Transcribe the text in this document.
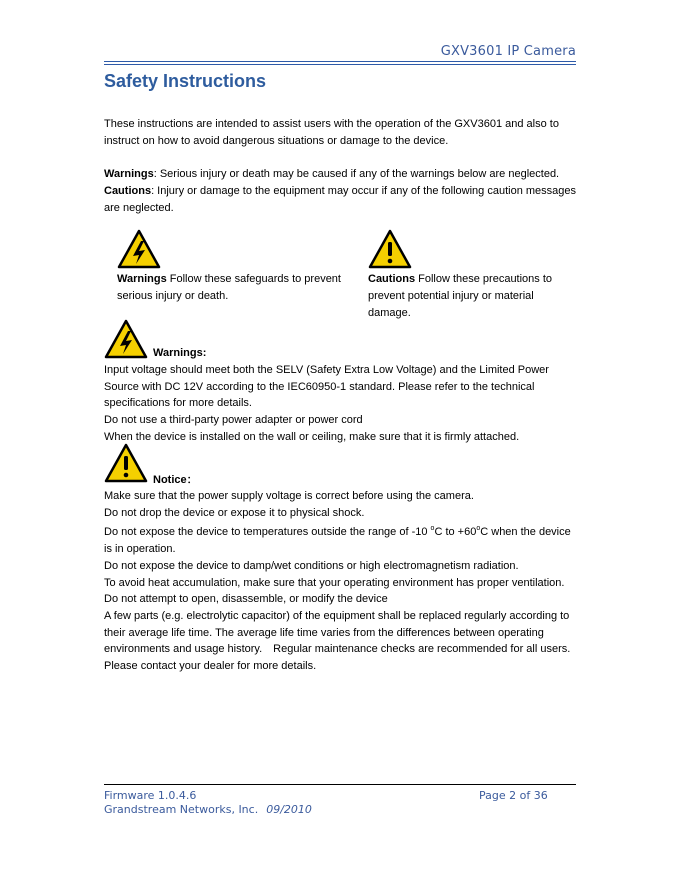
GXV3601 IP Camera
Safety Instructions
These instructions are intended to assist users with the operation of the GXV3601 and also to instruct on how to avoid dangerous situations or damage to the device.
Warnings: Serious injury or death may be caused if any of the warnings below are neglected.
Cautions: Injury or damage to the equipment may occur if any of the following caution messages are neglected.
Warnings Follow these safeguards to prevent serious injury or death.
Cautions Follow these precautions to prevent potential injury or material damage.
Warnings:
Input voltage should meet both the SELV (Safety Extra Low Voltage) and the Limited Power Source with DC 12V according to the IEC60950-1 standard. Please refer to the technical specifications for more details.
Do not use a third-party power adapter or power cord
When the device is installed on the wall or ceiling, make sure that it is firmly attached.
Notice：
Make sure that the power supply voltage is correct before using the camera.
Do not drop the device or expose it to physical shock.
Do not expose the device to temperatures outside the range of -10 $^o$C to $+60^oC$ when the device is in operation.
Do not expose the device to damp/wet conditions or high electromagnetism radiation.
To avoid heat accumulation, make sure that your operating environment has proper ventilation.
Do not attempt to open, disassemble, or modify the device
A few parts (e.g. electrolytic capacitor) of the equipment shall be replaced regularly according to their average life time. The average life time varies from the differences between operating environments and usage history.　Regular maintenance checks are recommended for all users. Please contact your dealer for more details.
Firmware 1.0.4.6	Page 2 of 36
Grandstream Networks, Inc. 09/2010
